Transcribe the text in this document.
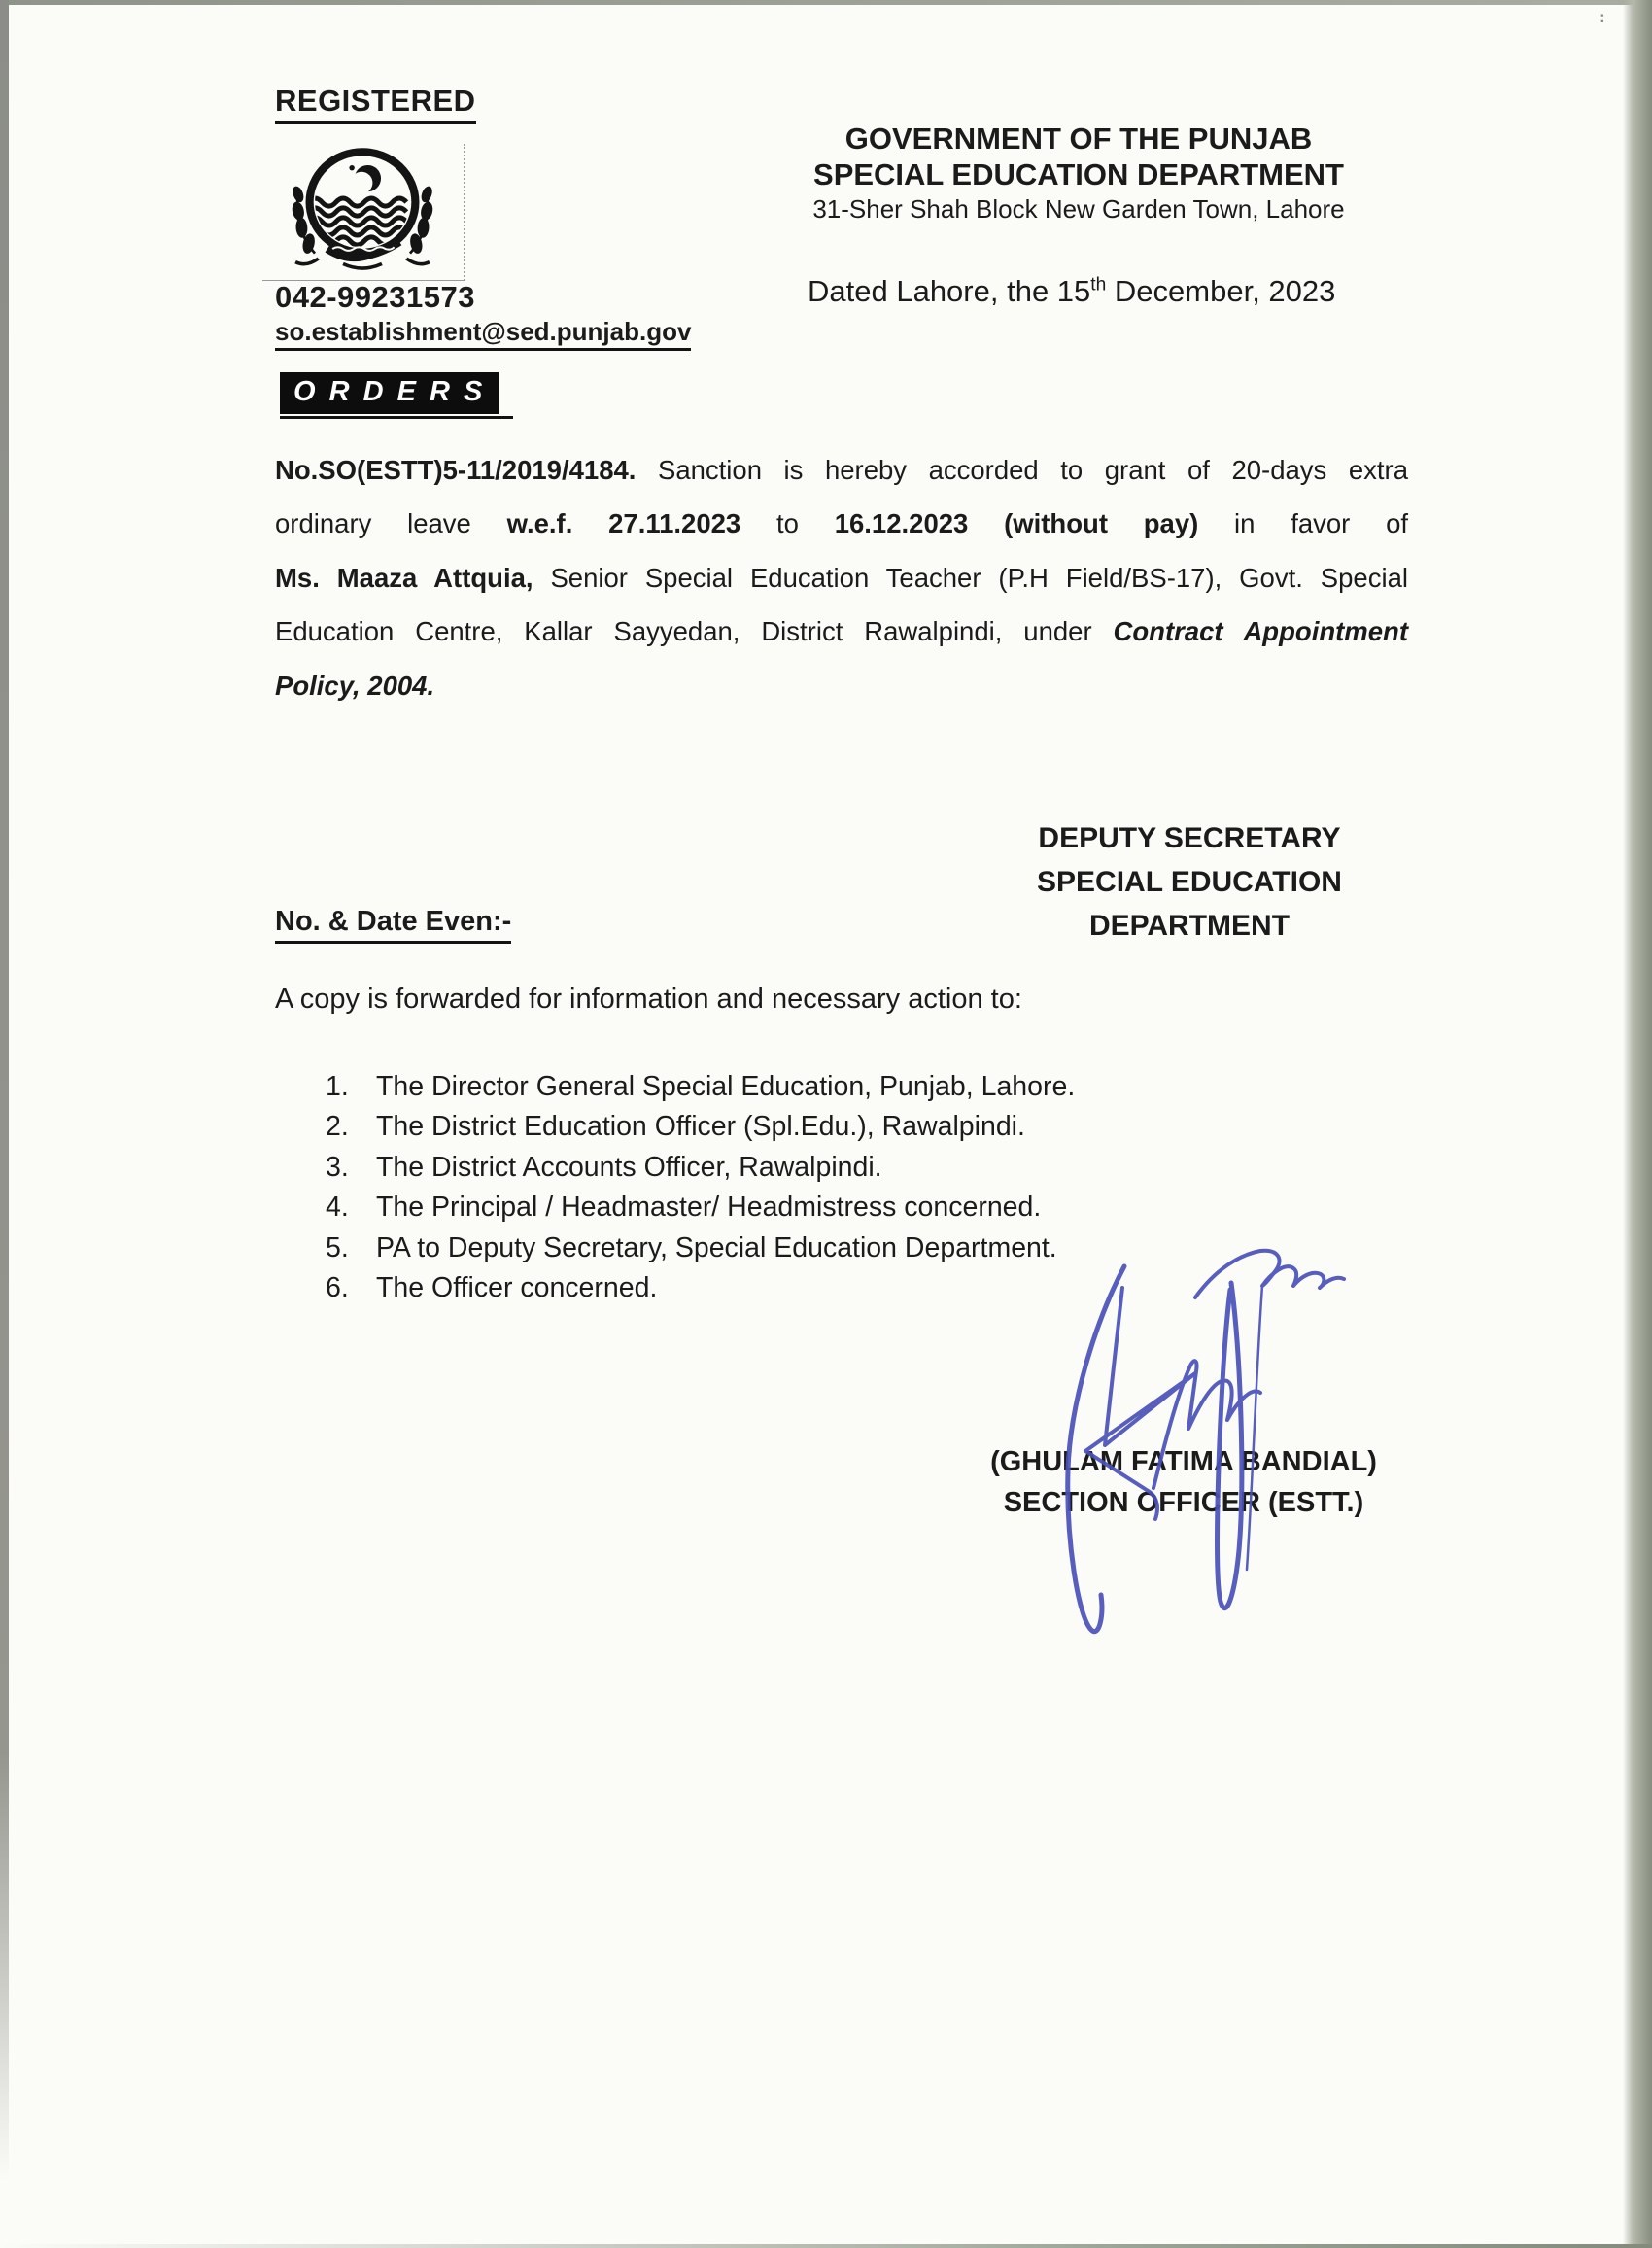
:
REGISTERED
042-99231573
so.establishment@sed.punjab.gov
GOVERNMENT OF THE PUNJAB
SPECIAL EDUCATION DEPARTMENT
31-Sher Shah Block New Garden Town, Lahore
Dated Lahore, the 15th December, 2023
O R D E R S
No.SO(ESTT)5-11/2019/4184. Sanction is hereby accorded to grant of 20-days extra
ordinary leave w.e.f. 27.11.2023 to 16.12.2023 (without pay) in favor of
Ms. Maaza Attquia, Senior Special Education Teacher (P.H Field/BS-17), Govt. Special
Education Centre, Kallar Sayyedan, District Rawalpindi, under Contract Appointment
Policy, 2004.
DEPUTY SECRETARY
SPECIAL EDUCATION
DEPARTMENT
No. & Date Even:-
A copy is forwarded for information and necessary action to:
1. The Director General Special Education, Punjab, Lahore.
2. The District Education Officer (Spl.Edu.), Rawalpindi.
3. The District Accounts Officer, Rawalpindi.
4. The Principal / Headmaster/ Headmistress concerned.
5. PA to Deputy Secretary, Special Education Department.
6. The Officer concerned.
(GHULAM FATIMA BANDIAL)
SECTION OFFICER (ESTT.)
